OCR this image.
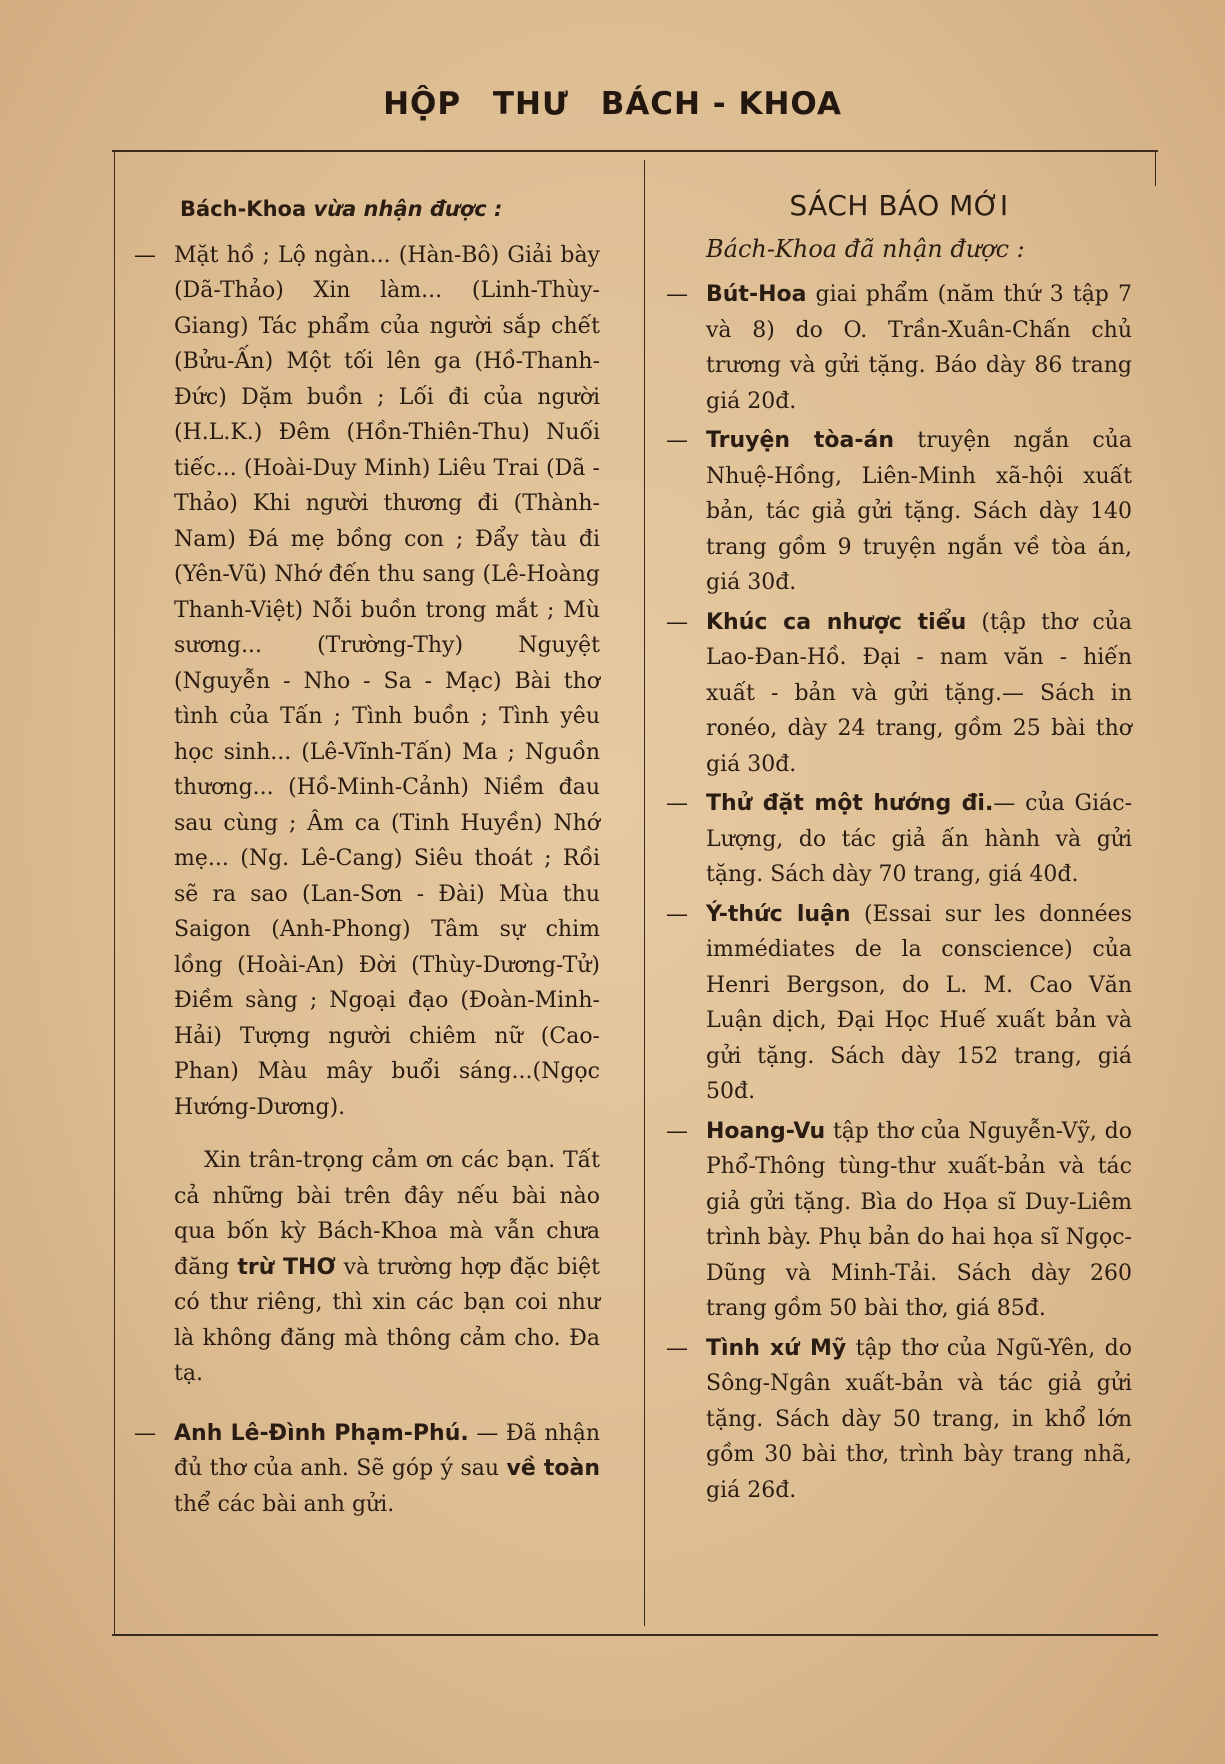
HỘP THƯ BÁCH - KHOA
Bách-Khoa vừa nhận được :
— Mặt hồ ; Lộ ngàn... (Hàn-Bô) Giải bày (Dã-Thảo) Xin làm... (Linh-Thùy-Giang) Tác phẩm của người sắp chết (Bửu-Ấn) Một tối lên ga (Hồ-Thanh-Đức) Dặm buồn ; Lối đi của người (H.L.K.) Đêm (Hồn-Thiên-Thu) Nuối tiếc... (Hoài-Duy Minh) Liêu Trai (Dã - Thảo) Khi người thương đi (Thành-Nam) Đá mẹ bồng con ; Đẩy tàu đi (Yên-Vũ) Nhớ đến thu sang (Lê-Hoàng Thanh-Việt) Nỗi buồn trong mắt ; Mù sương... (Trường-Thy) Nguyệt (Nguyễn - Nho - Sa - Mạc) Bài thơ tình của Tấn ; Tình buồn ; Tình yêu học sinh... (Lê-Vĩnh-Tấn) Ma ; Nguồn thương... (Hồ-Minh-Cảnh) Niềm đau sau cùng ; Âm ca (Tinh Huyền) Nhớ mẹ... (Ng. Lê-Cang) Siêu thoát ; Rồi sẽ ra sao (Lan-Sơn - Đài) Mùa thu Saigon (Anh-Phong) Tâm sự chim lồng (Hoài-An) Đời (Thùy-Dương-Tử) Điềm sàng ; Ngoại đạo (Đoàn-Minh-Hải) Tượng người chiêm nữ (Cao-Phan) Màu mây buổi sáng...(Ngọc Hướng-Dương).
Xin trân-trọng cảm ơn các bạn. Tất cả những bài trên đây nếu bài nào qua bốn kỳ Bách-Khoa mà vẫn chưa đăng trừ THƠ và trường hợp đặc biệt có thư riêng, thì xin các bạn coi như là không đăng mà thông cảm cho. Đa tạ.
— Anh Lê-Đình Phạm-Phú. — Đã nhận đủ thơ của anh. Sẽ góp ý sau về toàn thể các bài anh gửi.
SÁCH BÁO MỚI
Bách-Khoa đã nhận được :
— Bút-Hoa giai phẩm (năm thứ 3 tập 7 và 8) do O. Trần-Xuân-Chấn chủ trương và gửi tặng. Báo dày 86 trang giá 20đ.
— Truyện tòa-án truyện ngắn của Nhuệ-Hồng, Liên-Minh xã-hội xuất bản, tác giả gửi tặng. Sách dày 140 trang gồm 9 truyện ngắn về tòa án, giá 30đ.
— Khúc ca nhược tiểu (tập thơ của Lao-Đan-Hồ. Đại - nam văn - hiến xuất - bản và gửi tặng.— Sách in ronéo, dày 24 trang, gồm 25 bài thơ giá 30đ.
— Thử đặt một hướng đi.— của Giác-Lượng, do tác giả ấn hành và gửi tặng. Sách dày 70 trang, giá 40đ.
— Ý-thức luận (Essai sur les données immédiates de la conscience) của Henri Bergson, do L. M. Cao Văn Luận dịch, Đại Học Huế xuất bản và gửi tặng. Sách dày 152 trang, giá 50đ.
— Hoang-Vu tập thơ của Nguyễn-Vỹ, do Phổ-Thông tùng-thư xuất-bản và tác giả gửi tặng. Bìa do Họa sĩ Duy-Liêm trình bày. Phụ bản do hai họa sĩ Ngọc-Dũng và Minh-Tải. Sách dày 260 trang gồm 50 bài thơ, giá 85đ.
— Tình xứ Mỹ tập thơ của Ngũ-Yên, do Sông-Ngân xuất-bản và tác giả gửi tặng. Sách dày 50 trang, in khổ lớn gồm 30 bài thơ, trình bày trang nhã, giá 26đ.
